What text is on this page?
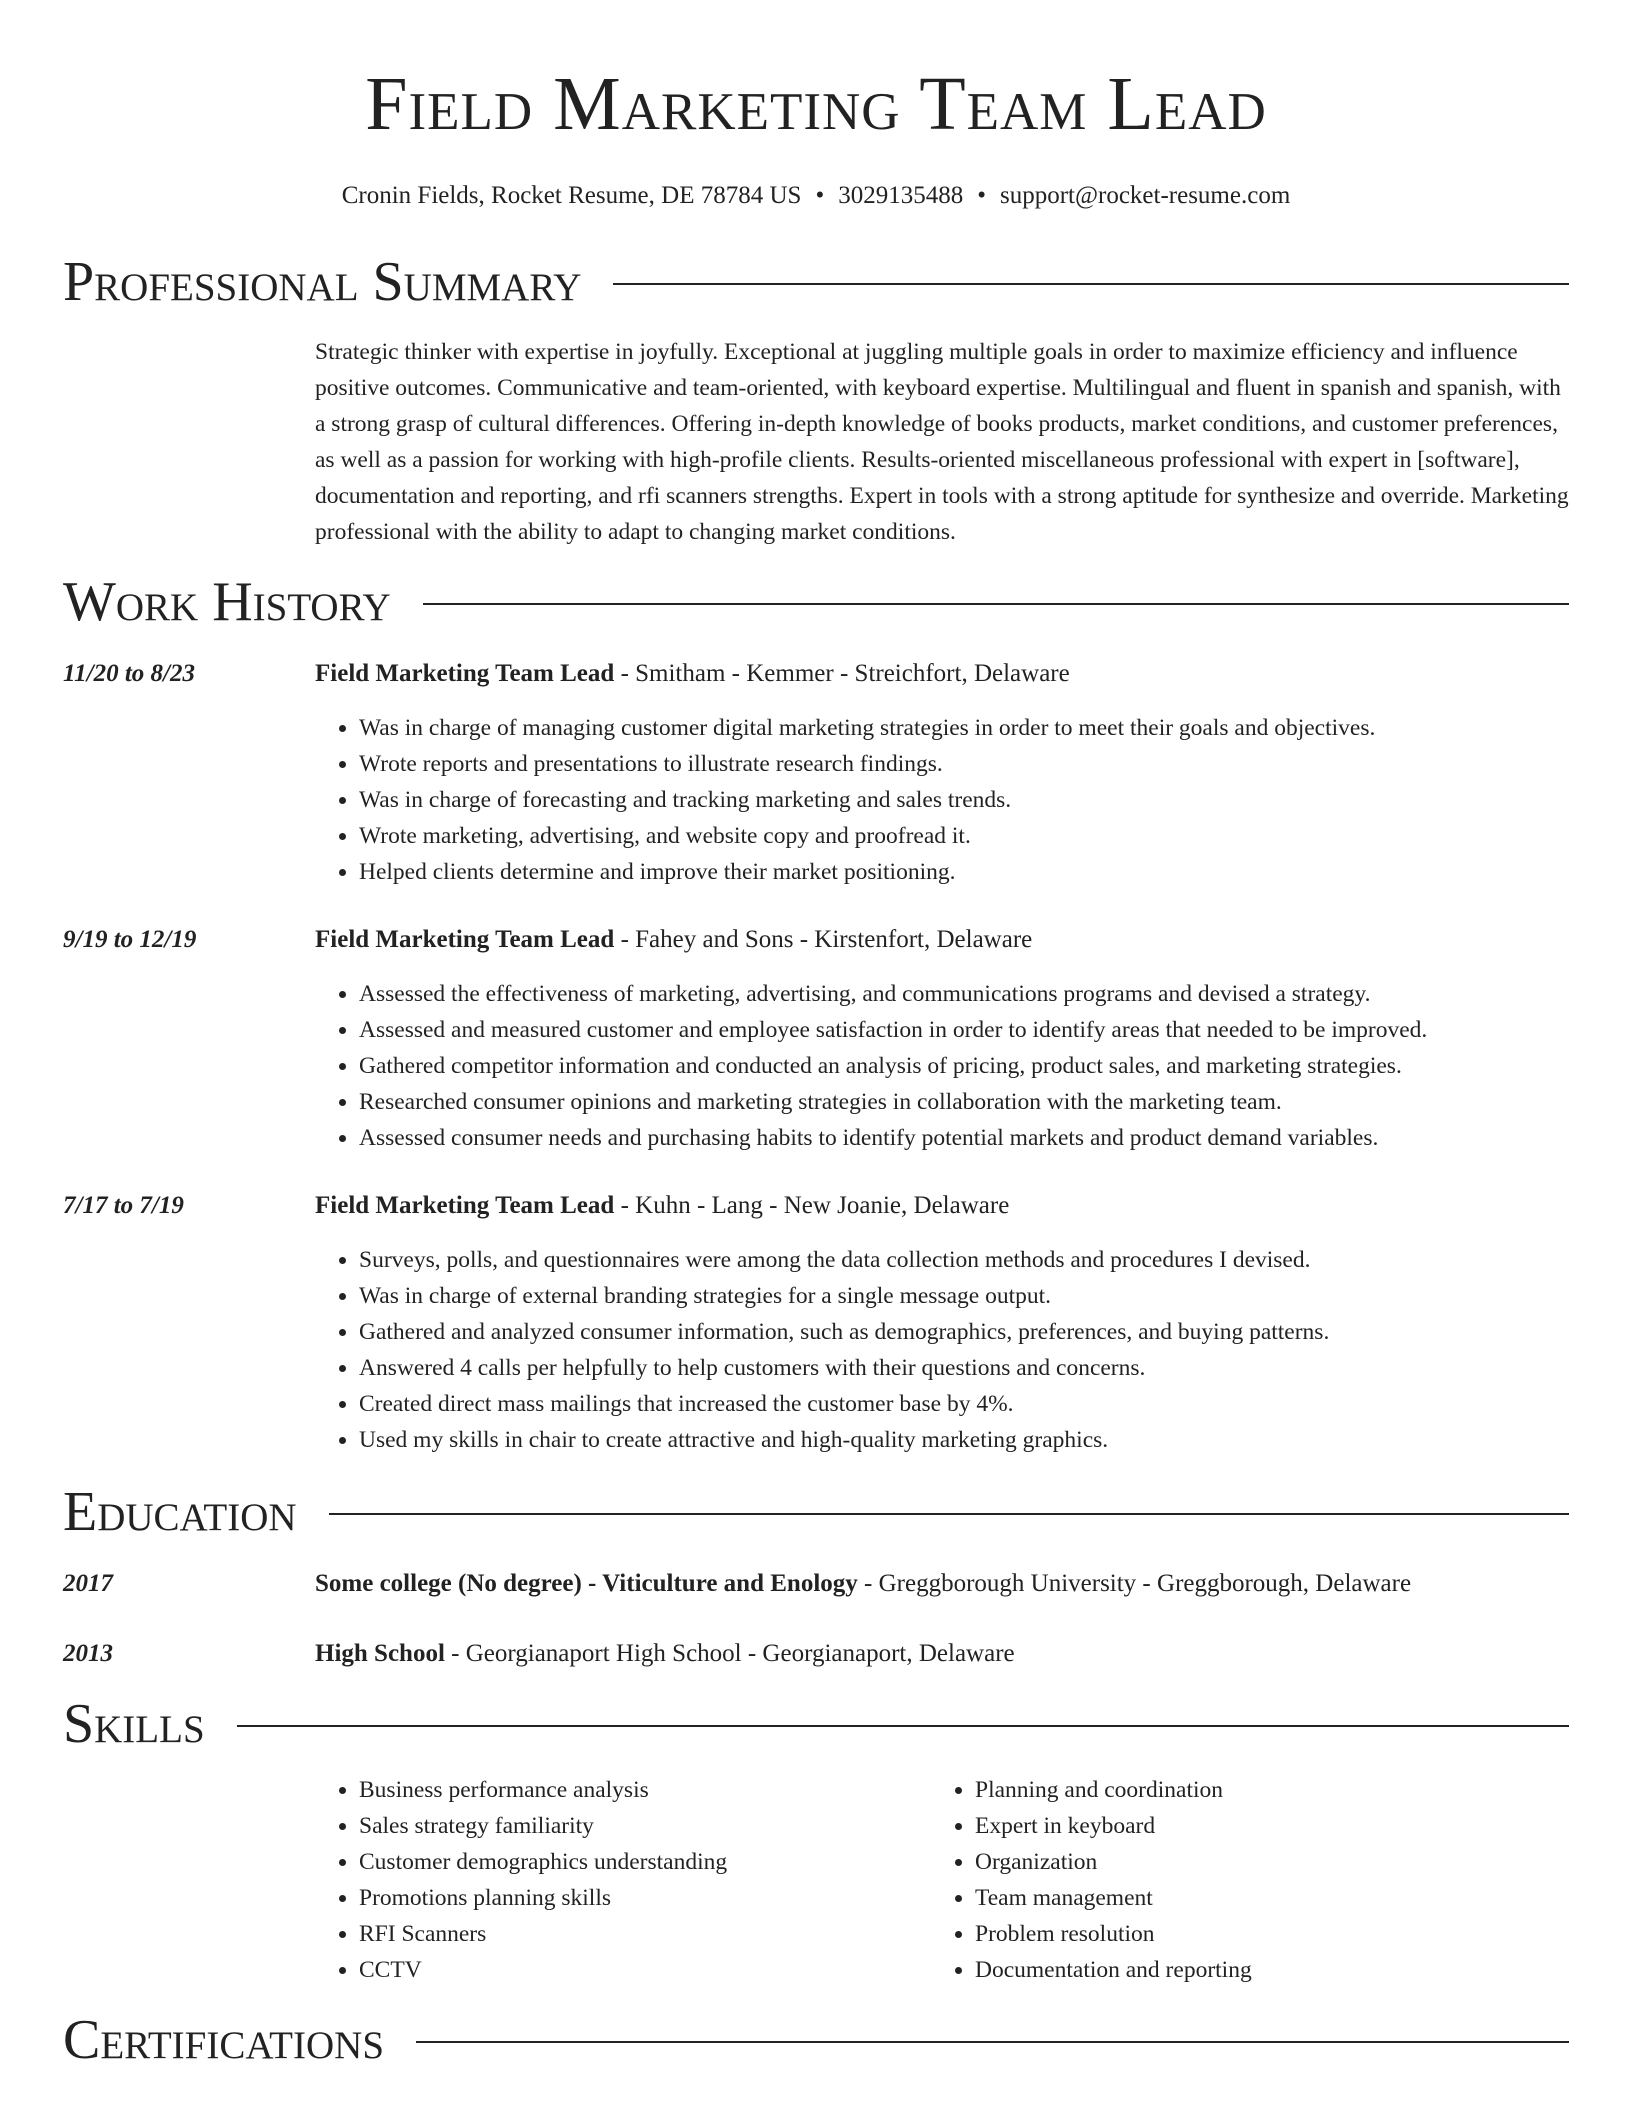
Field Marketing Team Lead
Cronin Fields, Rocket Resume, DE 78784 US • 3029135488 • support@rocket-resume.com
Professional Summary

Strategic thinker with expertise in joyfully. Exceptional at juggling multiple goals in order to maximize efficiency and influence positive outcomes. Communicative and team-oriented, with keyboard expertise. Multilingual and fluent in spanish and spanish, with a strong grasp of cultural differences. Offering in-depth knowledge of books products, market conditions, and customer preferences, as well as a passion for working with high-profile clients. Results-oriented miscellaneous professional with expert in [software], documentation and reporting, and rfi scanners strengths. Expert in tools with a strong aptitude for synthesize and override. Marketing professional with the ability to adapt to changing market conditions.

Work History
11/20 to 8/23	Field Marketing Team Lead - Smitham - Kemmer - Streichfort, Delaware
• Was in charge of managing customer digital marketing strategies in order to meet their goals and objectives.
• Wrote reports and presentations to illustrate research findings.
• Was in charge of forecasting and tracking marketing and sales trends.
• Wrote marketing, advertising, and website copy and proofread it.
• Helped clients determine and improve their market positioning.
9/19 to 12/19	Field Marketing Team Lead - Fahey and Sons - Kirstenfort, Delaware
• Assessed the effectiveness of marketing, advertising, and communications programs and devised a strategy.
• Assessed and measured customer and employee satisfaction in order to identify areas that needed to be improved.
• Gathered competitor information and conducted an analysis of pricing, product sales, and marketing strategies.
• Researched consumer opinions and marketing strategies in collaboration with the marketing team.
• Assessed consumer needs and purchasing habits to identify potential markets and product demand variables.
7/17 to 7/19	Field Marketing Team Lead - Kuhn - Lang - New Joanie, Delaware
• Surveys, polls, and questionnaires were among the data collection methods and procedures I devised.
• Was in charge of external branding strategies for a single message output.
• Gathered and analyzed consumer information, such as demographics, preferences, and buying patterns.
• Answered 4 calls per helpfully to help customers with their questions and concerns.
• Created direct mass mailings that increased the customer base by 4%.
• Used my skills in chair to create attractive and high-quality marketing graphics.
Education
2017	Some college (No degree) - Viticulture and Enology - Greggborough University - Greggborough, Delaware
2013	High School - Georgianaport High School - Georgianaport, Delaware
Skills
• Business performance analysis
• Sales strategy familiarity
• Customer demographics understanding
• Promotions planning skills
• RFI Scanners
• CCTV
• Planning and coordination
• Expert in keyboard
• Organization
• Team management
• Problem resolution
• Documentation and reporting
Certifications
